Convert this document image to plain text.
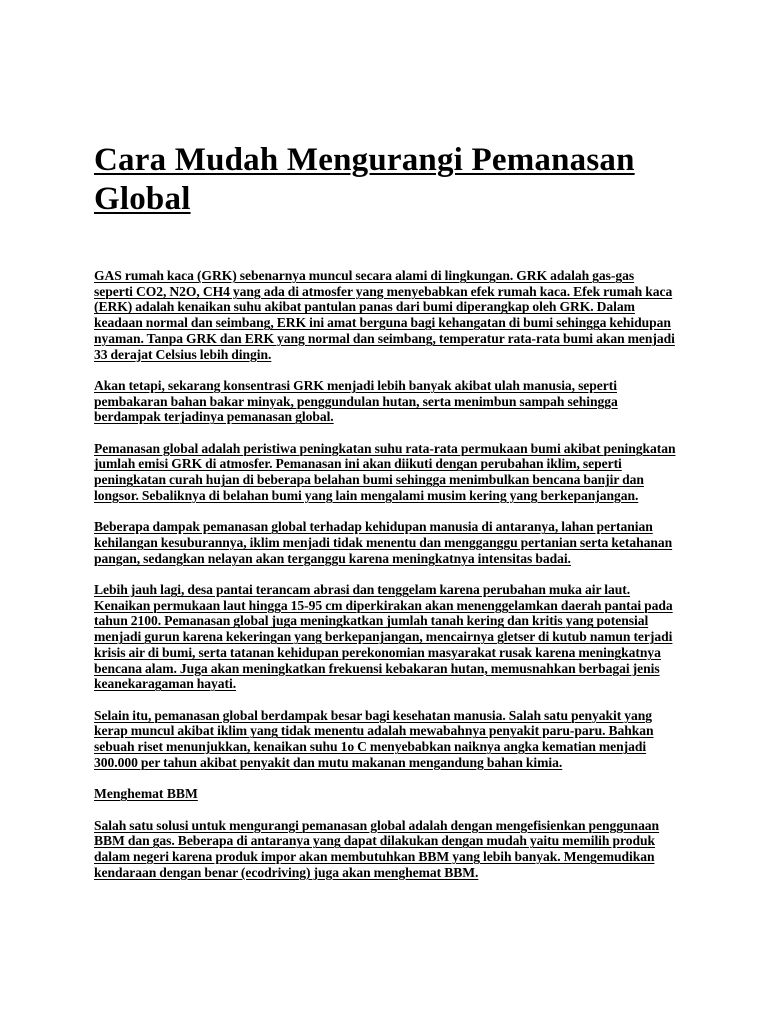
Cara Mudah Mengurangi Pemanasan Global

GAS rumah kaca (GRK) sebenarnya muncul secara alami di lingkungan. GRK adalah gas-gas seperti CO2, N2O, CH4 yang ada di atmosfer yang menyebabkan efek rumah kaca. Efek rumah kaca (ERK) adalah kenaikan suhu akibat pantulan panas dari bumi diperangkap oleh GRK. Dalam keadaan normal dan seimbang, ERK ini amat berguna bagi kehangatan di bumi sehingga kehidupan nyaman. Tanpa GRK dan ERK yang normal dan seimbang, temperatur rata-rata bumi akan menjadi 33 derajat Celsius lebih dingin.

Akan tetapi, sekarang konsentrasi GRK menjadi lebih banyak akibat ulah manusia, seperti pembakaran bahan bakar minyak, penggundulan hutan, serta menimbun sampah sehingga berdampak terjadinya pemanasan global.

Pemanasan global adalah peristiwa peningkatan suhu rata-rata permukaan bumi akibat peningkatan jumlah emisi GRK di atmosfer. Pemanasan ini akan diikuti dengan perubahan iklim, seperti peningkatan curah hujan di beberapa belahan bumi sehingga menimbulkan bencana banjir dan longsor. Sebaliknya di belahan bumi yang lain mengalami musim kering yang berkepanjangan.

Beberapa dampak pemanasan global terhadap kehidupan manusia di antaranya, lahan pertanian kehilangan kesuburannya, iklim menjadi tidak menentu dan mengganggu pertanian serta ketahanan pangan, sedangkan nelayan akan terganggu karena meningkatnya intensitas badai.

Lebih jauh lagi, desa pantai terancam abrasi dan tenggelam karena perubahan muka air laut. Kenaikan permukaan laut hingga 15-95 cm diperkirakan akan menenggelamkan daerah pantai pada tahun 2100. Pemanasan global juga meningkatkan jumlah tanah kering dan kritis yang potensial menjadi gurun karena kekeringan yang berkepanjangan, mencairnya gletser di kutub namun terjadi krisis air di bumi, serta tatanan kehidupan perekonomian masyarakat rusak karena meningkatnya bencana alam. Juga akan meningkatkan frekuensi kebakaran hutan, memusnahkan berbagai jenis keanekaragaman hayati.

Selain itu, pemanasan global berdampak besar bagi kesehatan manusia. Salah satu penyakit yang kerap muncul akibat iklim yang tidak menentu adalah mewabahnya penyakit paru-paru. Bahkan sebuah riset menunjukkan, kenaikan suhu 1o C menyebabkan naiknya angka kematian menjadi 300.000 per tahun akibat penyakit dan mutu makanan mengandung bahan kimia.

Menghemat BBM

Salah satu solusi untuk mengurangi pemanasan global adalah dengan mengefisienkan penggunaan BBM dan gas. Beberapa di antaranya yang dapat dilakukan dengan mudah yaitu memilih produk dalam negeri karena produk impor akan membutuhkan BBM yang lebih banyak. Mengemudikan kendaraan dengan benar (ecodriving) juga akan menghemat BBM.
